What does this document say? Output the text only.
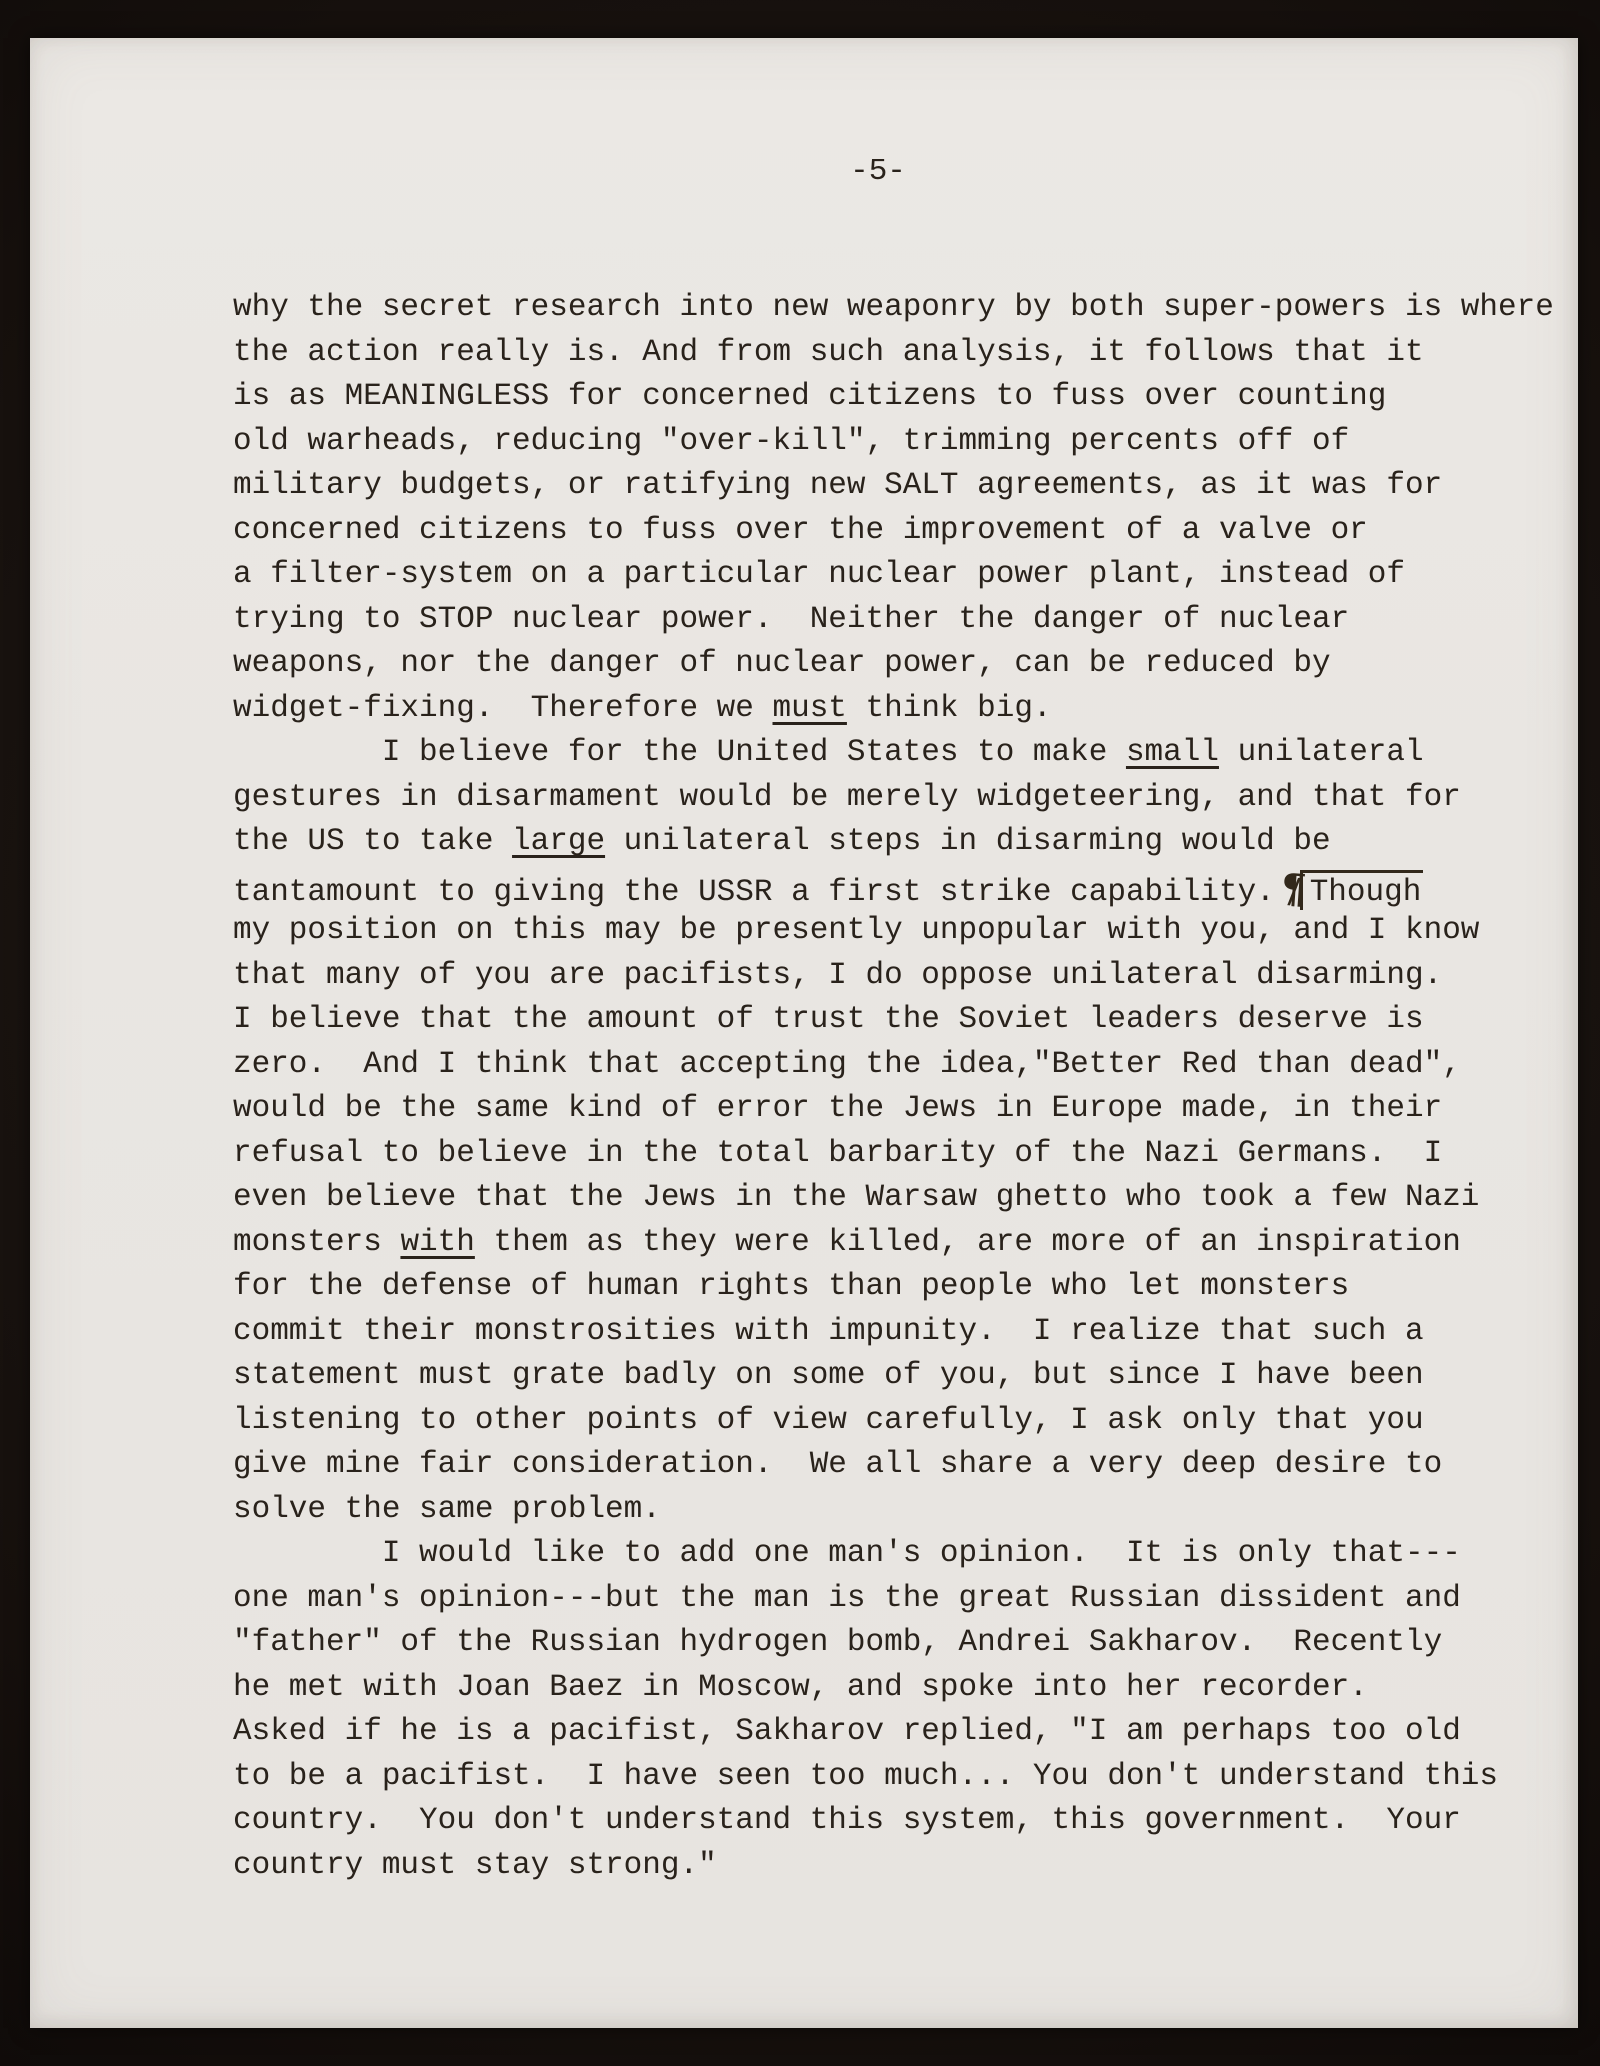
-5-
why the secret research into new weaponry by both super-powers is where
the action really is. And from such analysis, it follows that it
is as MEANINGLESS for concerned citizens to fuss over counting
old warheads, reducing "over-kill", trimming percents off of
military budgets, or ratifying new SALT agreements, as it was for
concerned citizens to fuss over the improvement of a valve or
a filter-system on a particular nuclear power plant, instead of
trying to STOP nuclear power.  Neither the danger of nuclear
weapons, nor the danger of nuclear power, can be reduced by
widget-fixing.  Therefore we must think big.
I believe for the United States to make small unilateral
gestures in disarmament would be merely widgeteering, and that for
the US to take large unilateral steps in disarming would be
tantamount to giving the USSR a first strike capability. ¶ / Though
my position on this may be presently unpopular with you, and I know
that many of you are pacifists, I do oppose unilateral disarming.
I believe that the amount of trust the Soviet leaders deserve is
zero.  And I think that accepting the idea,"Better Red than dead",
would be the same kind of error the Jews in Europe made, in their
refusal to believe in the total barbarity of the Nazi Germans.  I
even believe that the Jews in the Warsaw ghetto who took a few Nazi
monsters with them as they were killed, are more of an inspiration
for the defense of human rights than people who let monsters
commit their monstrosities with impunity.  I realize that such a
statement must grate badly on some of you, but since I have been
listening to other points of view carefully, I ask only that you
give mine fair consideration.  We all share a very deep desire to
solve the same problem.
I would like to add one man's opinion.  It is only that---
one man's opinion---but the man is the great Russian dissident and
"father" of the Russian hydrogen bomb, Andrei Sakharov.  Recently
he met with Joan Baez in Moscow, and spoke into her recorder.
Asked if he is a pacifist, Sakharov replied, "I am perhaps too old
to be a pacifist.  I have seen too much... You don't understand this
country.  You don't understand this system, this government.  Your
country must stay strong."
